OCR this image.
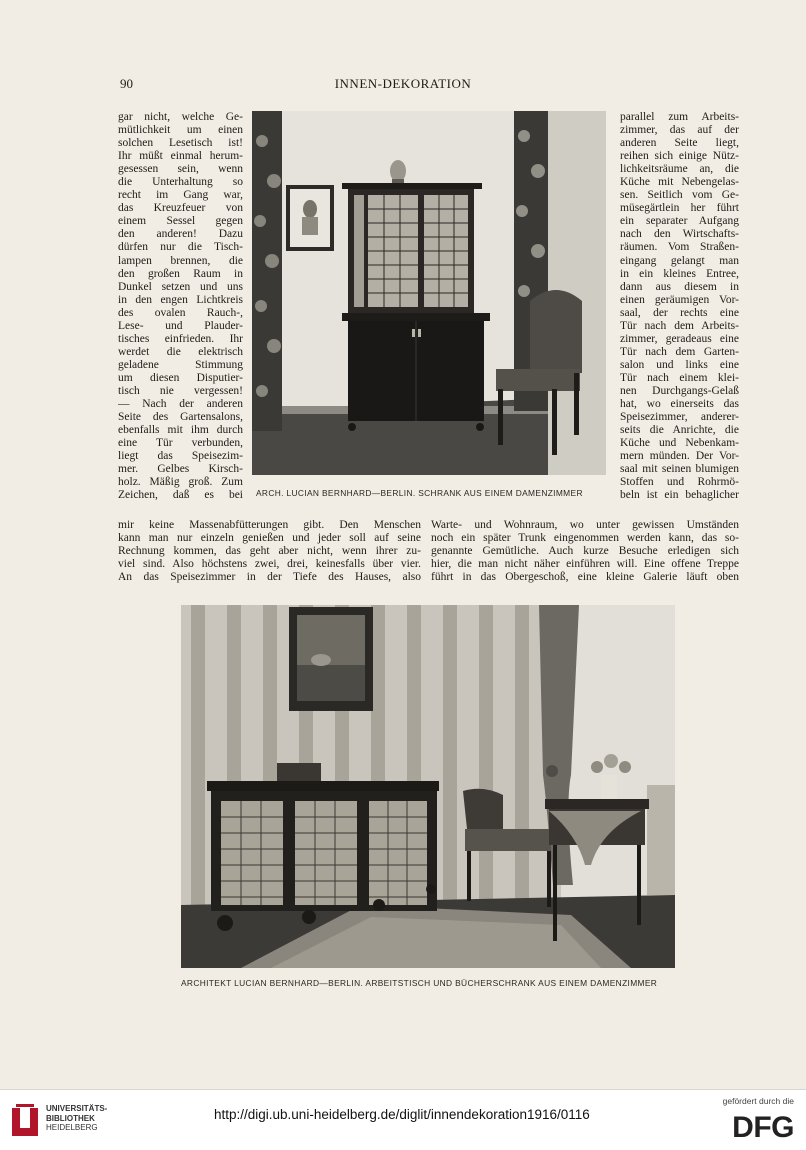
90	INNEN-DEKORATION
gar nicht, welche Ge-
mütlichkeit um einen
solchen Lesetisch ist!
Ihr müßt einmal herum-
gesessen sein, wenn
die Unterhaltung so
recht im Gang war,
das Kreuzfeuer von
einem Sessel gegen
den anderen! Dazu
dürfen nur die Tisch-
lampen brennen, die
den großen Raum in
Dunkel setzen und uns
in den engen Lichtkreis
des ovalen Rauch-,
Lese- und Plauder-
tisches einfrieden. Ihr
werdet die elektrisch
geladene Stimmung
um diesen Disputier-
tisch nie vergessen!
— Nach der anderen
Seite des Gartensalons,
ebenfalls mit ihm durch
eine Tür verbunden,
liegt das Speisezim-
mer. Gelbes Kirsch-
holz. Mäßig groß. Zum
Zeichen, daß es bei ARCH. LUCIAN BERNHARD—BERLIN. SCHRANK AUS EINEM DAMENZIMMER
parallel zum Arbeits-
zimmer, das auf der
anderen Seite liegt,
reihen sich einige Nütz-
lichkeitsräume an, die
Küche mit Nebengelas-
sen. Seitlich vom Ge-
müsegärtlein her führt
ein separater Aufgang
nach den Wirtschafts-
räumen. Vom Straßen-
eingang gelangt man
in ein kleines Entree,
dann aus diesem in
einen geräumigen Vor-
saal, der rechts eine
Tür nach dem Arbeits-
zimmer, geradeaus eine
Tür nach dem Garten-
salon und links eine
Tür nach einem klei-
nen Durchgangs-Gelaß
hat, wo einerseits das
Speisezimmer, anderer-
seits die Anrichte, die
Küche und Nebenkam-
mern münden. Der Vor-
saal mit seinen blumigen
Stoffen und Rohrmö-
beln ist ein behaglicher
mir keine Massenabfütterungen gibt. Den Menschen
kann man nur einzeln genießen und jeder soll auf seine
Rechnung kommen, das geht aber nicht, wenn ihrer zu-
viel sind. Also höchstens zwei, drei, keinesfalls über vier.
An das Speisezimmer in der Tiefe des Hauses, also
Warte- und Wohnraum, wo unter gewissen Umständen
noch ein später Trunk eingenommen werden kann, das so-
genannte Gemütliche. Auch kurze Besuche erledigen sich
hier, die man nicht näher einführen will. Eine offene Treppe
führt in das Obergeschoß, eine kleine Galerie läuft oben
ARCHITEKT LUCIAN BERNHARD—BERLIN. ARBEITSTISCH UND BÜCHERSCHRANK AUS EINEM DAMENZIMMER
UNIVERSITÄTS-
BIBLIOTHEK
HEIDELBERG
http://digi.ub.uni-heidelberg.de/diglit/innendekoration1916/0116
gefördert durch die
DFG
